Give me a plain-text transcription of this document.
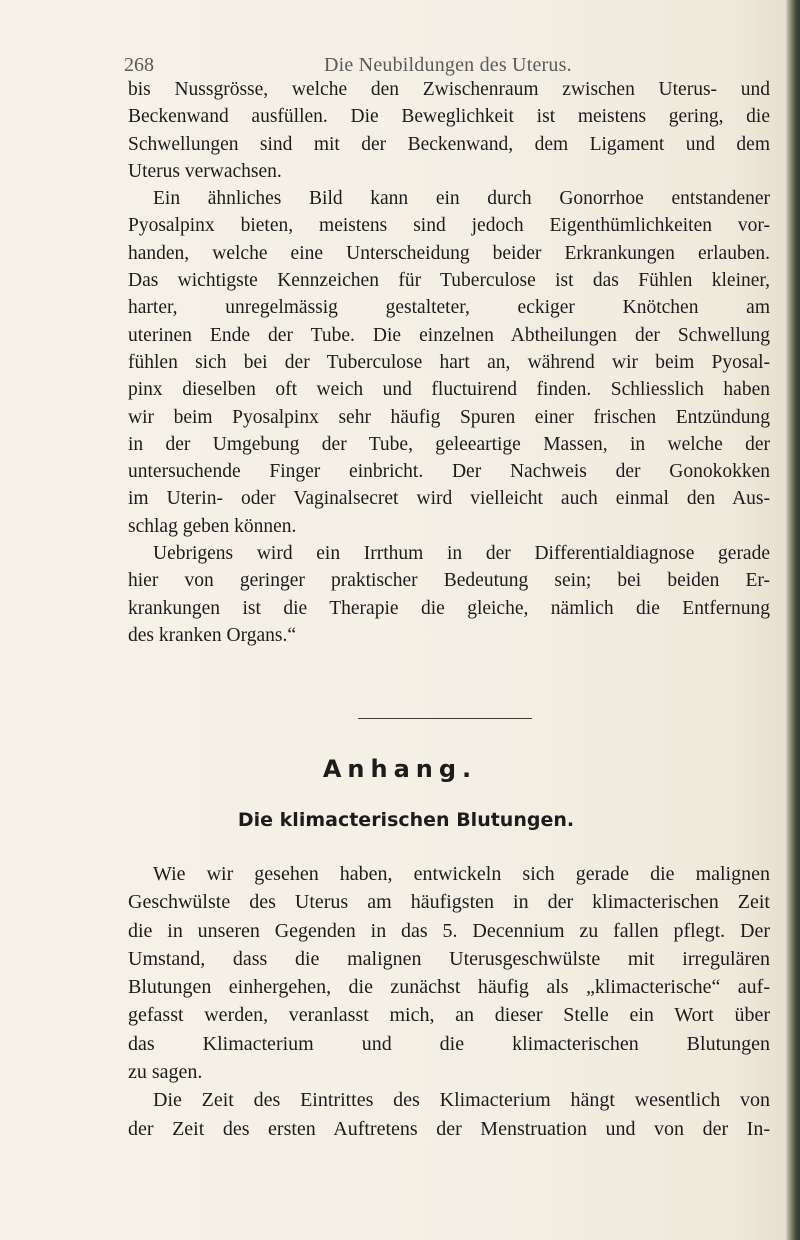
268	Die Neubildungen des Uterus.
bis Nussgrösse, welche den Zwischenraum zwischen Uterus- und
Beckenwand ausfüllen. Die Beweglichkeit ist meistens gering, die
Schwellungen sind mit der Beckenwand, dem Ligament und dem
Uterus verwachsen.
Ein ähnliches Bild kann ein durch Gonorrhoe entstandener
Pyosalpinx bieten, meistens sind jedoch Eigenthümlichkeiten vor-
handen, welche eine Unterscheidung beider Erkrankungen erlauben.
Das wichtigste Kennzeichen für Tuberculose ist das Fühlen kleiner,
harter, unregelmässig gestalteter, eckiger Knötchen am
uterinen Ende der Tube. Die einzelnen Abtheilungen der Schwellung
fühlen sich bei der Tuberculose hart an, während wir beim Pyosal-
pinx dieselben oft weich und fluctuirend finden. Schliesslich haben
wir beim Pyosalpinx sehr häufig Spuren einer frischen Entzündung
in der Umgebung der Tube, geleeartige Massen, in welche der
untersuchende Finger einbricht. Der Nachweis der Gonokokken
im Uterin- oder Vaginalsecret wird vielleicht auch einmal den Aus-
schlag geben können.
Uebrigens wird ein Irrthum in der Differentialdiagnose gerade
hier von geringer praktischer Bedeutung sein; bei beiden Er-
krankungen ist die Therapie die gleiche, nämlich die Entfernung
des kranken Organs.“
Anhang.
Die klimacterischen Blutungen.
Wie wir gesehen haben, entwickeln sich gerade die malignen
Geschwülste des Uterus am häufigsten in der klimacterischen Zeit
die in unseren Gegenden in das 5. Decennium zu fallen pflegt. Der
Umstand, dass die malignen Uterusgeschwülste mit irregulären
Blutungen einhergehen, die zunächst häufig als „klimacterische“ auf-
gefasst werden, veranlasst mich, an dieser Stelle ein Wort über
das Klimacterium und die klimacterischen Blutungen
zu sagen.
Die Zeit des Eintrittes des Klimacterium hängt wesentlich von
der Zeit des ersten Auftretens der Menstruation und von der In-
